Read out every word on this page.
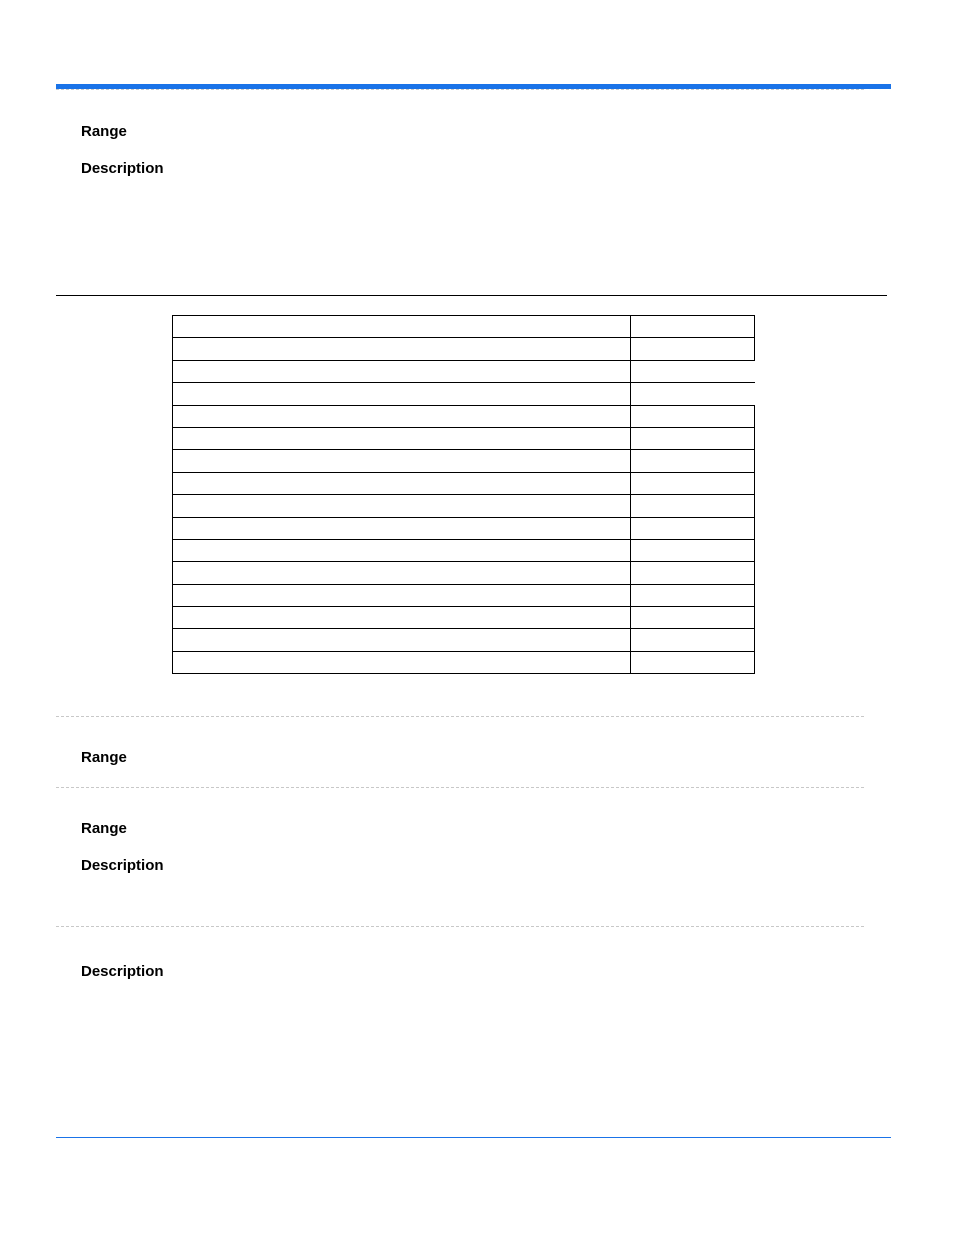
Range
Description

Range
Range
Description
Description
